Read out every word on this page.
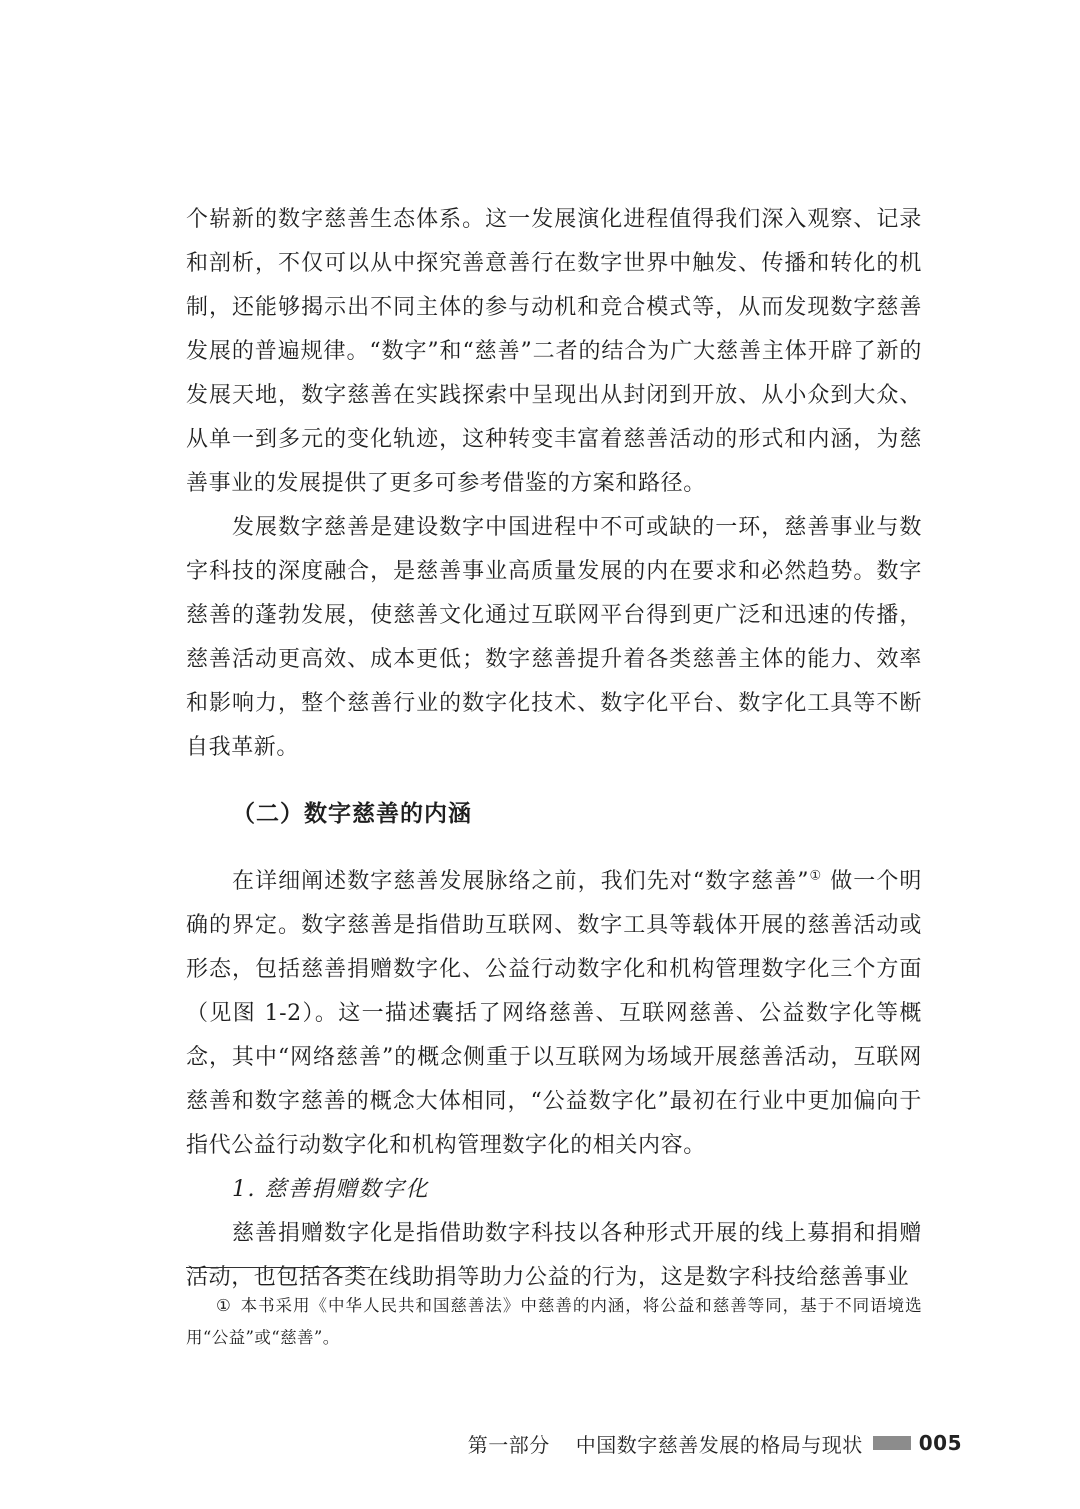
个崭新的数字慈善生态体系。这一发展演化进程值得我们深入观察、记录和剖析，不仅可以从中探究善意善行在数字世界中触发、传播和转化的机制，还能够揭示出不同主体的参与动机和竞合模式等，从而发现数字慈善发展的普遍规律。“数字”和“慈善”二者的结合为广大慈善主体开辟了新的发展天地，数字慈善在实践探索中呈现出从封闭到开放、从小众到大众、从单一到多元的变化轨迹，这种转变丰富着慈善活动的形式和内涵，为慈善事业的发展提供了更多可参考借鉴的方案和路径。

发展数字慈善是建设数字中国进程中不可或缺的一环，慈善事业与数字科技的深度融合，是慈善事业高质量发展的内在要求和必然趋势。数字慈善的蓬勃发展，使慈善文化通过互联网平台得到更广泛和迅速的传播，慈善活动更高效、成本更低；数字慈善提升着各类慈善主体的能力、效率和影响力，整个慈善行业的数字化技术、数字化平台、数字化工具等不断自我革新。

（二）数字慈善的内涵

在详细阐述数字慈善发展脉络之前，我们先对“数字慈善”① 做一个明确的界定。数字慈善是指借助互联网、数字工具等载体开展的慈善活动或形态，包括慈善捐赠数字化、公益行动数字化和机构管理数字化三个方面（见图 1-2）。这一描述囊括了网络慈善、互联网慈善、公益数字化等概念，其中“网络慈善”的概念侧重于以互联网为场域开展慈善活动，互联网慈善和数字慈善的概念大体相同，“公益数字化”最初在行业中更加偏向于指代公益行动数字化和机构管理数字化的相关内容。

1. 慈善捐赠数字化

慈善捐赠数字化是指借助数字科技以各种形式开展的线上募捐和捐赠活动，也包括各类在线助捐等助力公益的行为，这是数字科技给慈善事业

① 本书采用《中华人民共和国慈善法》中慈善的内涵，将公益和慈善等同，基于不同语境选用“公益”或“慈善”。
第一部分 中国数字慈善发展的格局与现状	005
